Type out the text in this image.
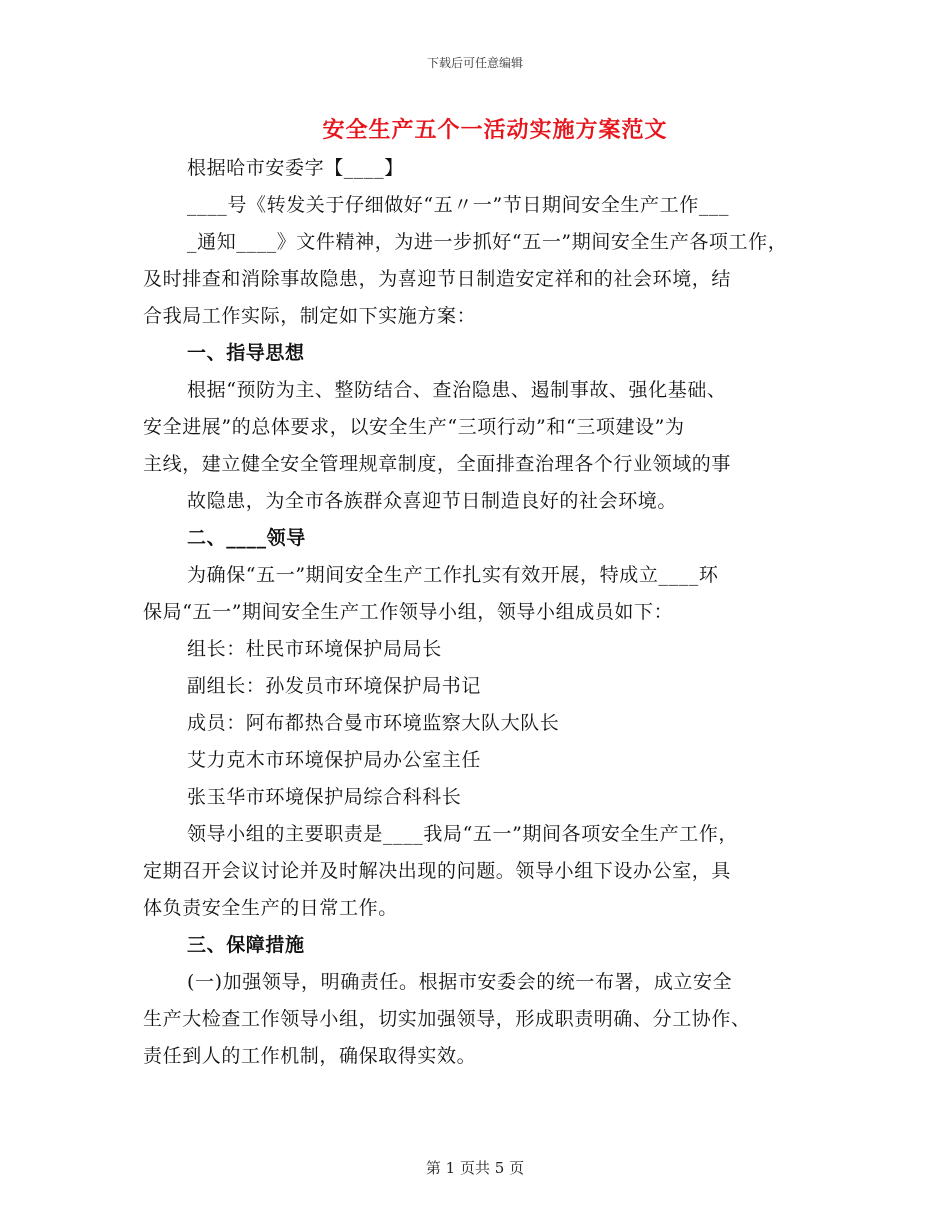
下载后可任意编辑
安全生产五个一活动实施方案范文
根据哈市安委字【____】
____号《转发关于仔细做好“五〃一”节日期间安全生产工作___
_通知____》文件精神，为进一步抓好“五一”期间安全生产各项工作，
及时排查和消除事故隐患，为喜迎节日制造安定祥和的社会环境，结
合我局工作实际，制定如下实施方案：
一、指导思想
根据“预防为主、整防结合、查治隐患、遏制事故、强化基础、
安全进展”的总体要求，以安全生产“三项行动”和“三项建设”为
主线，建立健全安全管理规章制度，全面排查治理各个行业领域的事
故隐患，为全市各族群众喜迎节日制造良好的社会环境。
二、____领导
为确保“五一”期间安全生产工作扎实有效开展，特成立____环
保局“五一”期间安全生产工作领导小组，领导小组成员如下：
组长：杜民市环境保护局局长
副组长：孙发员市环境保护局书记
成员：阿布都热合曼市环境监察大队大队长
艾力克木市环境保护局办公室主任
张玉华市环境保护局综合科科长
领导小组的主要职责是____我局“五一”期间各项安全生产工作，
定期召开会议讨论并及时解决出现的问题。领导小组下设办公室，具
体负责安全生产的日常工作。
三、保障措施
(一)加强领导，明确责任。根据市安委会的统一布署，成立安全
生产大检查工作领导小组，切实加强领导，形成职责明确、分工协作、
责任到人的工作机制，确保取得实效。
第 1 页共 5 页
